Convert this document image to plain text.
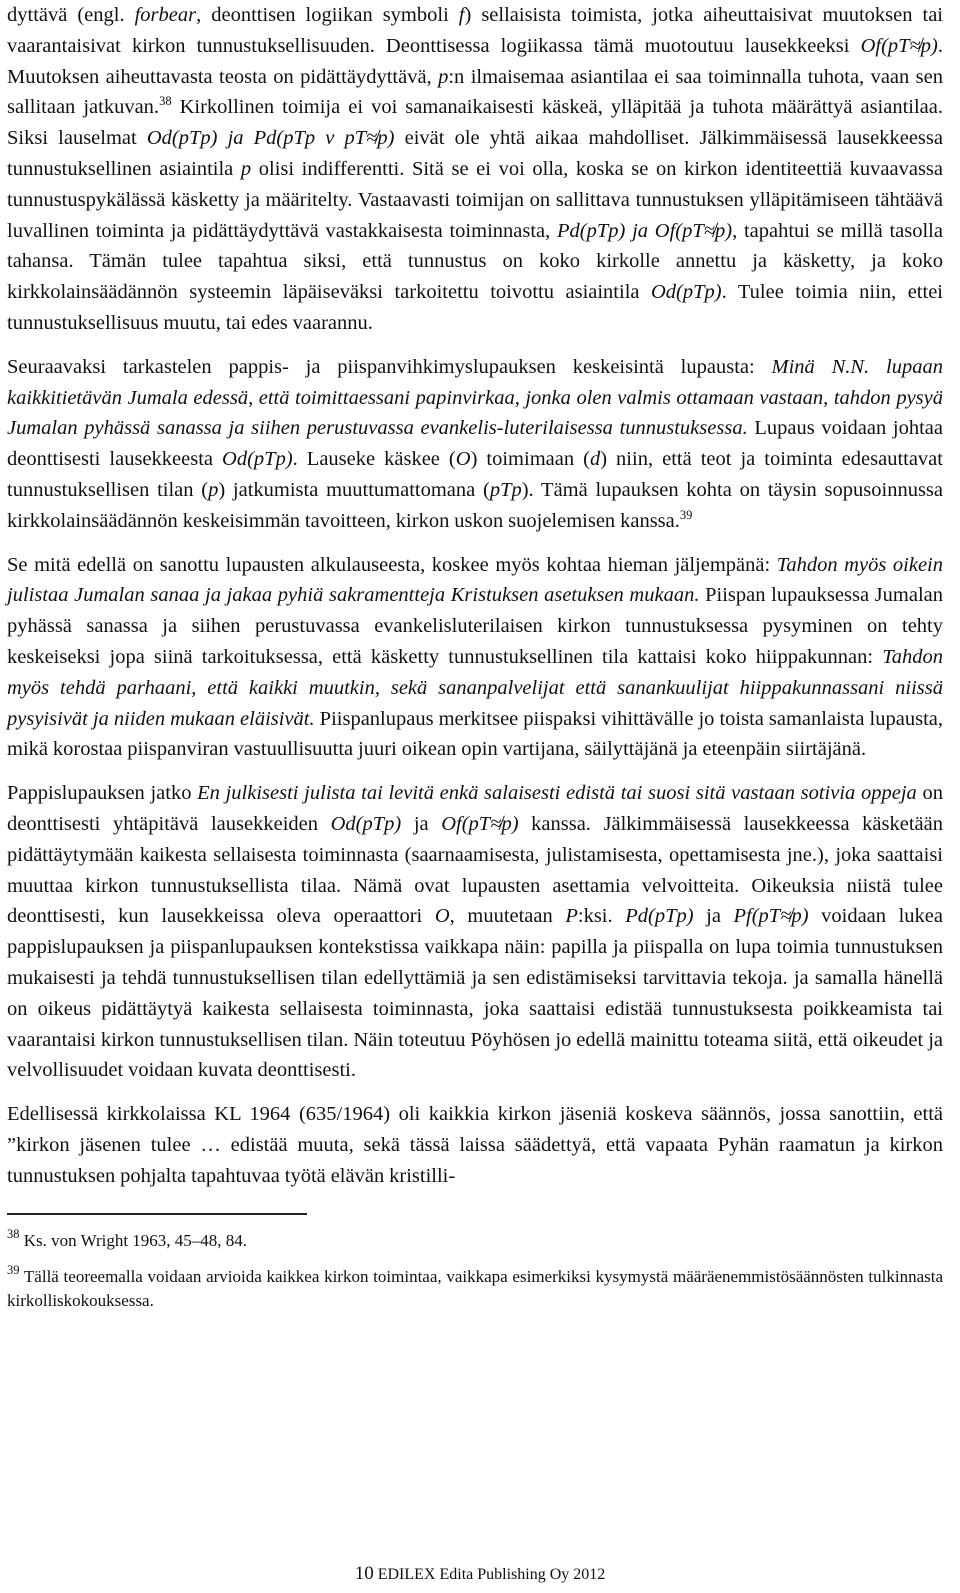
dyttävä (engl. forbear, deonttisen logiikan symboli f) sellaisista toimista, jotka aiheuttaisivat muutoksen tai vaarantaisivat kirkon tunnustuksellisuuden. Deonttisessa logiikassa tämä muotoutuu lausekkeeksi Of(pT≉p). Muutoksen aiheuttavasta teosta on pidättäydyttävä, p:n ilmaisemaa asiantilaa ei saa toiminnalla tuhota, vaan sen sallitaan jatkuvan.$^{38}$ Kirkollinen toimija ei voi samanaikaisesti käskeä, ylläpitää ja tuhota määrättyä asiantilaa. Siksi lauselmat Od(pTp) ja Pd(pTp v pT≉p) eivät ole yhtä aikaa mahdolliset. Jälkimmäisessä lausekkeessa tunnustuksellinen asiaintila p olisi indifferentti. Sitä se ei voi olla, koska se on kirkon identiteettiä kuvaavassa tunnustuspykälässä käsketty ja määritelty. Vastaavasti toimijan on sallittava tunnustuksen ylläpitämiseen tähtäävä luvallinen toiminta ja pidättäydyttävä vastakkaisesta toiminnasta, Pd(pTp) ja Of(pT≉p), tapahtui se millä tasolla tahansa. Tämän tulee tapahtua siksi, että tunnustus on koko kirkolle annettu ja käsketty, ja koko kirkkolainsäädännön systeemin läpäiseväksi tarkoitettu toivottu asiaintila Od(pTp). Tulee toimia niin, ettei tunnustuksellisuus muutu, tai edes vaarannu.

Seuraavaksi tarkastelen pappis- ja piispanvihkimyslupauksen keskeisintä lupausta: Minä N.N. lupaan kaikkitietävän Jumala edessä, että toimittaessani papinvirkaa, jonka olen valmis ottamaan vastaan, tahdon pysyä Jumalan pyhässä sanassa ja siihen perustuvassa evankelis-luterilaisessa tunnustuksessa. Lupaus voidaan johtaa deonttisesti lausekkeesta Od(pTp). Lauseke käskee (O) toimimaan (d) niin, että teot ja toiminta edesauttavat tunnustuksellisen tilan (p) jatkumista muuttumattomana (pTp). Tämä lupauksen kohta on täysin sopusoinnussa kirkkolainsäädännön keskeisimmän tavoitteen, kirkon uskon suojelemisen kanssa.$^{39}$

Se mitä edellä on sanottu lupausten alkulauseesta, koskee myös kohtaa hieman jäljempänä: Tahdon myös oikein julistaa Jumalan sanaa ja jakaa pyhiä sakramentteja Kristuksen asetuksen mukaan. Piispan lupauksessa Jumalan pyhässä sanassa ja siihen perustuvassa evankelisluterilaisen kirkon tunnustuksessa pysyminen on tehty keskeiseksi jopa siinä tarkoituksessa, että käsketty tunnustuksellinen tila kattaisi koko hiippakunnan: Tahdon myös tehdä parhaani, että kaikki muutkin, sekä sananpalvelijat että sanankuulijat hiippakunnassani niissä pysyisivät ja niiden mukaan eläisivät. Piispanlupaus merkitsee piispaksi vihittävälle jo toista samanlaista lupausta, mikä korostaa piispanviran vastuullisuutta juuri oikean opin vartijana, säilyttäjänä ja eteenpäin siirtäjänä.

Pappislupauksen jatko En julkisesti julista tai levitä enkä salaisesti edistä tai suosi sitä vastaan sotivia oppeja on deonttisesti yhtäpitävä lausekkeiden Od(pTp) ja Of(pT≉p) kanssa. Jälkimmäisessä lausekkeessa käsketään pidättäytymään kaikesta sellaisesta toiminnasta (saarnaamisesta, julistamisesta, opettamisesta jne.), joka saattaisi muuttaa kirkon tunnustuksellista tilaa. Nämä ovat lupausten asettamia velvoitteita. Oikeuksia niistä tulee deonttisesti, kun lausekkeissa oleva operaattori O, muutetaan P:ksi. Pd(pTp) ja Pf(pT≉p) voidaan lukea pappislupauksen ja piispanlupauksen kontekstissa vaikkapa näin: papilla ja piispalla on lupa toimia tunnustuksen mukaisesti ja tehdä tunnustuksellisen tilan edellyttämiä ja sen edistämiseksi tarvittavia tekoja. ja samalla hänellä on oikeus pidättäytyä kaikesta sellaisesta toiminnasta, joka saattaisi edistää tunnustuksesta poikkeamista tai vaarantaisi kirkon tunnustuksellisen tilan. Näin toteutuu Pöyhösen jo edellä mainittu toteama siitä, että oikeudet ja velvollisuudet voidaan kuvata deonttisesti.

Edellisessä kirkkolaissa KL 1964 (635/1964) oli kaikkia kirkon jäseniä koskeva säännös, jossa sanottiin, että ”kirkon jäsenen tulee … edistää muuta, sekä tässä laissa säädettyä, että vapaata Pyhän raamatun ja kirkon tunnustuksen pohjalta tapahtuvaa työtä elävän kristilli-

$^{38}$ Ks. von Wright 1963, 45–48, 84.

$^{39}$ Tällä teoreemalla voidaan arvioida kaikkea kirkon toimintaa, vaikkapa esimerkiksi kysymystä määräenemmistösäännösten tulkinnasta kirkolliskokouksessa.

10 EDILEX Edita Publishing Oy 2012
